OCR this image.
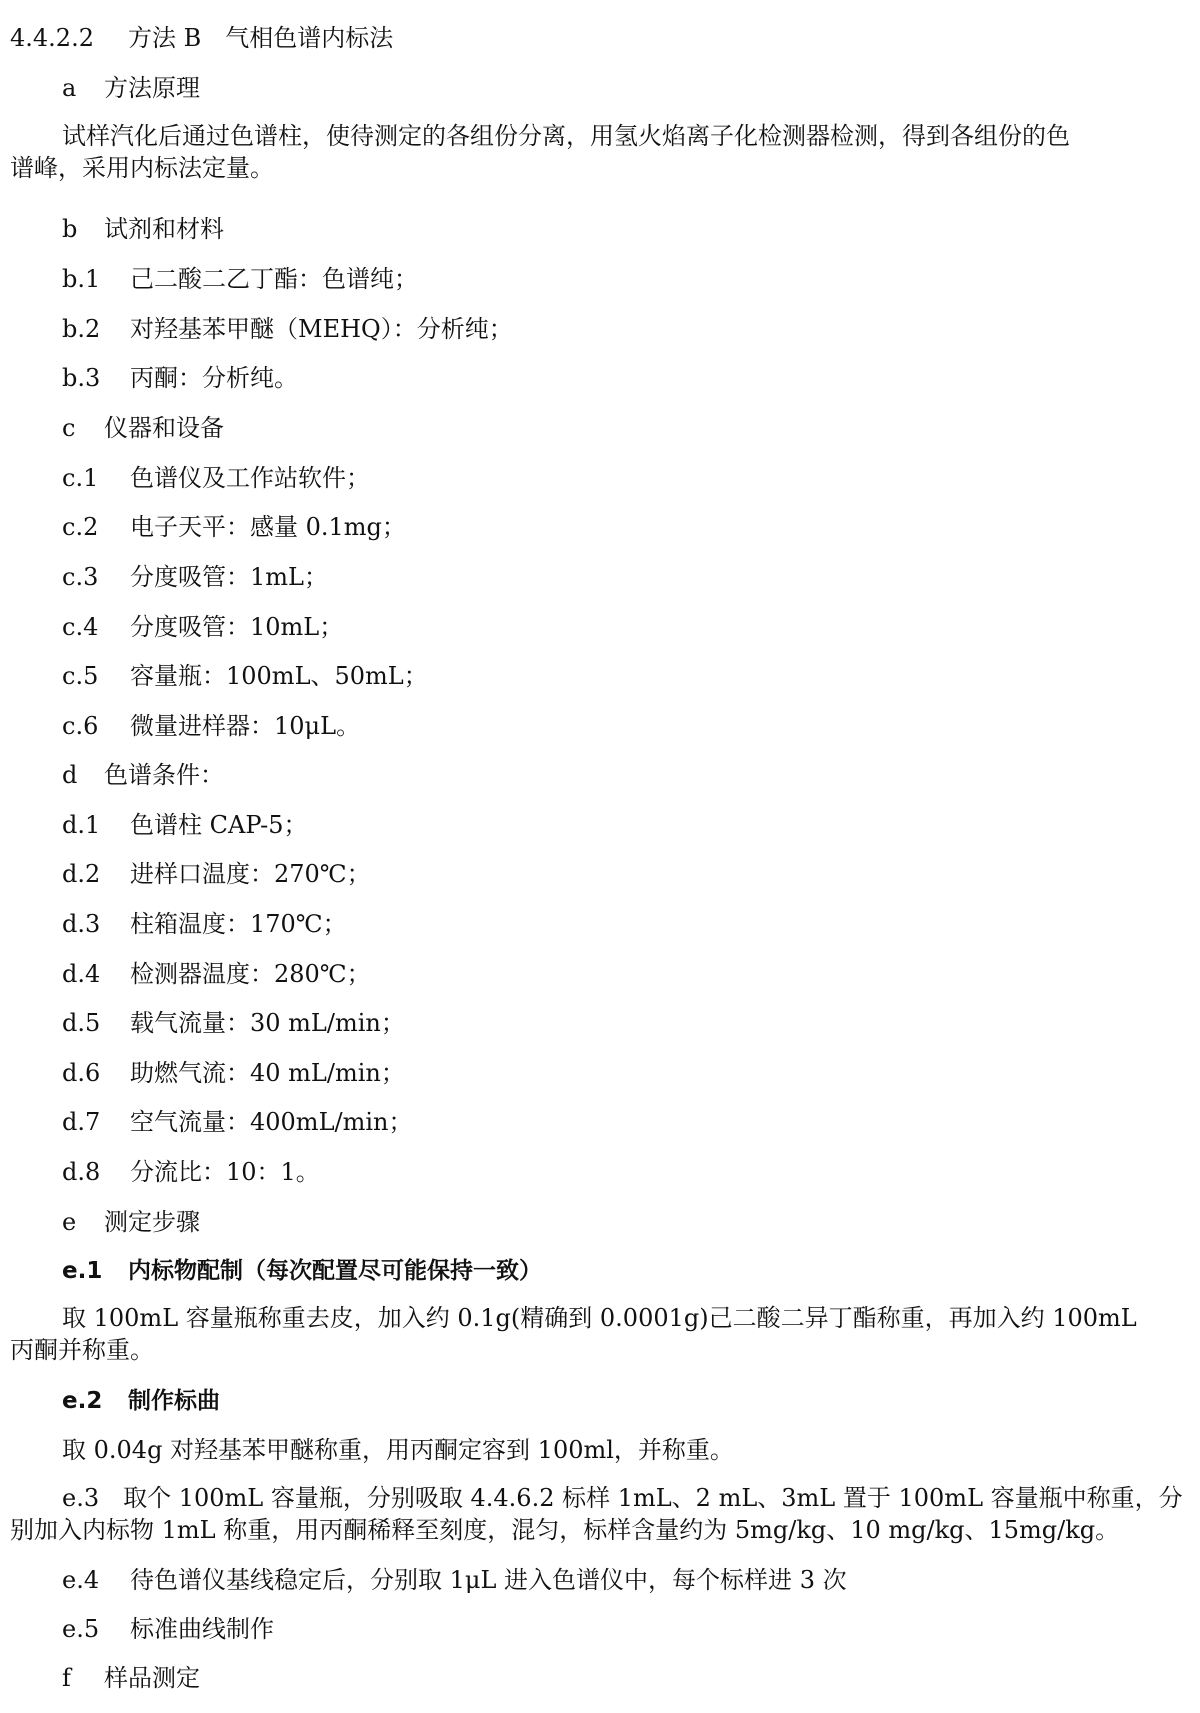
4.4.2.2 方法 B　气相色谱内标法
a 方法原理
试样汽化后通过色谱柱，使待测定的各组份分离，用氢火焰离子化检测器检测，得到各组份的色
谱峰，采用内标法定量。
b 试剂和材料
b.1 己二酸二乙丁酯：色谱纯；
b.2 对羟基苯甲醚（MEHQ）：分析纯；
b.3 丙酮：分析纯。
c 仪器和设备
c.1 色谱仪及工作站软件；
c.2 电子天平：感量 0.1mg；
c.3 分度吸管：1mL；
c.4 分度吸管：10mL；
c.5 容量瓶：100mL、50mL；
c.6 微量进样器：10μL。
d 色谱条件：
d.1 色谱柱 CAP-5；
d.2 进样口温度：270℃；
d.3 柱箱温度：170℃；
d.4 检测器温度：280℃；
d.5 载气流量：30 mL/min；
d.6 助燃气流：40 mL/min；
d.7 空气流量：400mL/min；
d.8 分流比：10：1。
e 测定步骤
e.1 内标物配制（每次配置尽可能保持一致）
取 100mL 容量瓶称重去皮，加入约 0.1g(精确到 0.0001g)己二酸二异丁酯称重，再加入约 100mL
丙酮并称重。
e.2 制作标曲
取 0.04g 对羟基苯甲醚称重，用丙酮定容到 100ml，并称重。
e.3　 取个 100mL 容量瓶，分别吸取 4.4.6.2 标样 1mL、2 mL、3mL 置于 100mL 容量瓶中称重，分
别加入内标物 1mL 称重，用丙酮稀释至刻度，混匀，标样含量约为 5mg/kg、10 mg/kg、15mg/kg。
e.4 待色谱仪基线稳定后，分别取 1μL 进入色谱仪中，每个标样进 3 次
e.5 标准曲线制作
f 样品测定
